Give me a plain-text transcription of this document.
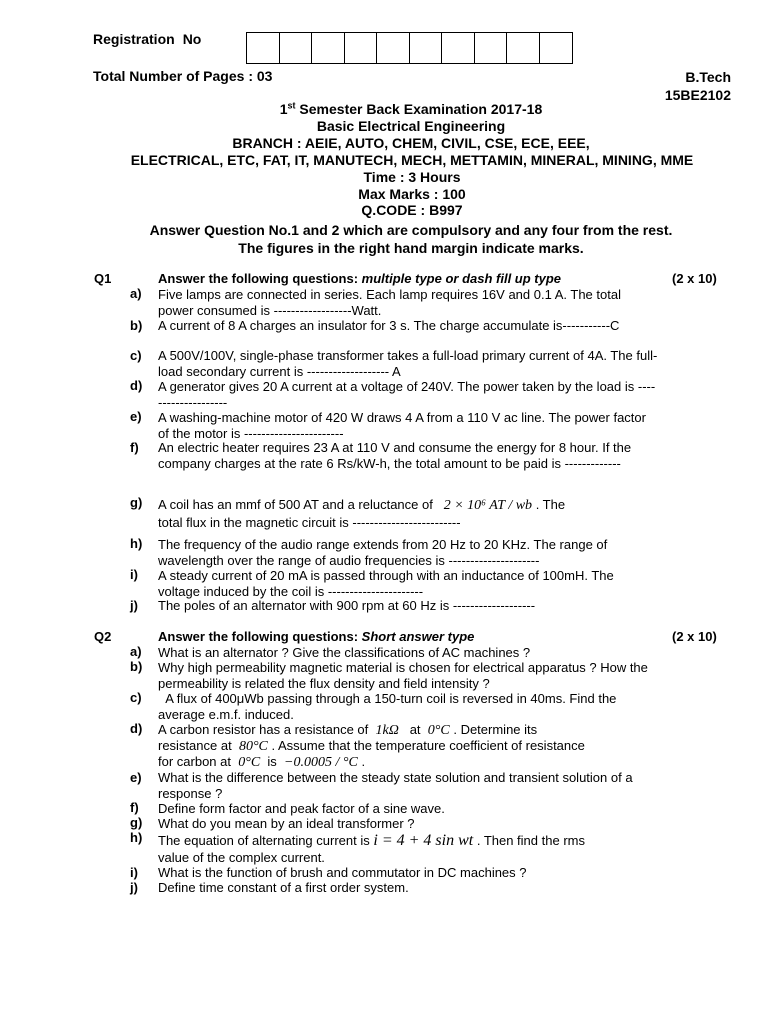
Registration No
Total Number of Pages : 03	B.Tech
15BE2102
1st Semester Back Examination 2017-18
Basic Electrical Engineering
BRANCH : AEIE, AUTO, CHEM, CIVIL, CSE, ECE, EEE,
ELECTRICAL, ETC, FAT, IT, MANUTECH, MECH, METTAMIN, MINERAL, MINING, MME
Time : 3 Hours
Max Marks : 100
Q.CODE : B997
Answer Question No.1 and 2 which are compulsory and any four from the rest.
The figures in the right hand margin indicate marks.
Q1	Answer the following questions: multiple type or dash fill up type	(2 x 10)
a) Five lamps are connected in series. Each lamp requires 16V and 0.1 A. The total power consumed is ------------------Watt.
b) A current of 8 A charges an insulator for 3 s. The charge accumulate is-----------C
c) A 500V/100V, single-phase transformer takes a full-load primary current of 4A. The full-load secondary current is ------------------- A
d) A generator gives 20 A current at a voltage of 240V. The power taken by the load is --------------------
e) A washing-machine motor of 420 W draws 4 A from a 110 V ac line. The power factor of the motor is -----------------------
f) An electric heater requires 23 A at 110 V and consume the energy for 8 hour. If the company charges at the rate 6 Rs/kW-h, the total amount to be paid is -------------
g) A coil has an mmf of 500 AT and a reluctance of 2 × 10⁶ AT / wb . The
total flux in the magnetic circuit is -------------------------
h) The frequency of the audio range extends from 20 Hz to 20 KHz. The range of wavelength over the range of audio frequencies is ---------------------
i) A steady current of 20 mA is passed through with an inductance of 100mH. The voltage induced by the coil is ----------------------
j) The poles of an alternator with 900 rpm at 60 Hz is -------------------
Q2	Answer the following questions: Short answer type	(2 x 10)
a) What is an alternator ? Give the classifications of AC machines ?
b) Why high permeability magnetic material is chosen for electrical apparatus ? How the permeability is related the flux density and field intensity ?
c) A flux of 400μWb passing through a 150-turn coil is reversed in 40ms. Find the average e.m.f. induced.
d) A carbon resistor has a resistance of 1kΩ at 0°C . Determine its
resistance at 80°C . Assume that the temperature coefficient of resistance
for carbon at 0°C is −0.0005 / °C .
e) What is the difference between the steady state solution and transient solution of a response ?
f) Define form factor and peak factor of a sine wave.
g) What do you mean by an ideal transformer ?
h) The equation of alternating current is i = 4 + 4 sin wt . Then find the rms
value of the complex current.
i) What is the function of brush and commutator in DC machines ?
j) Define time constant of a first order system.
